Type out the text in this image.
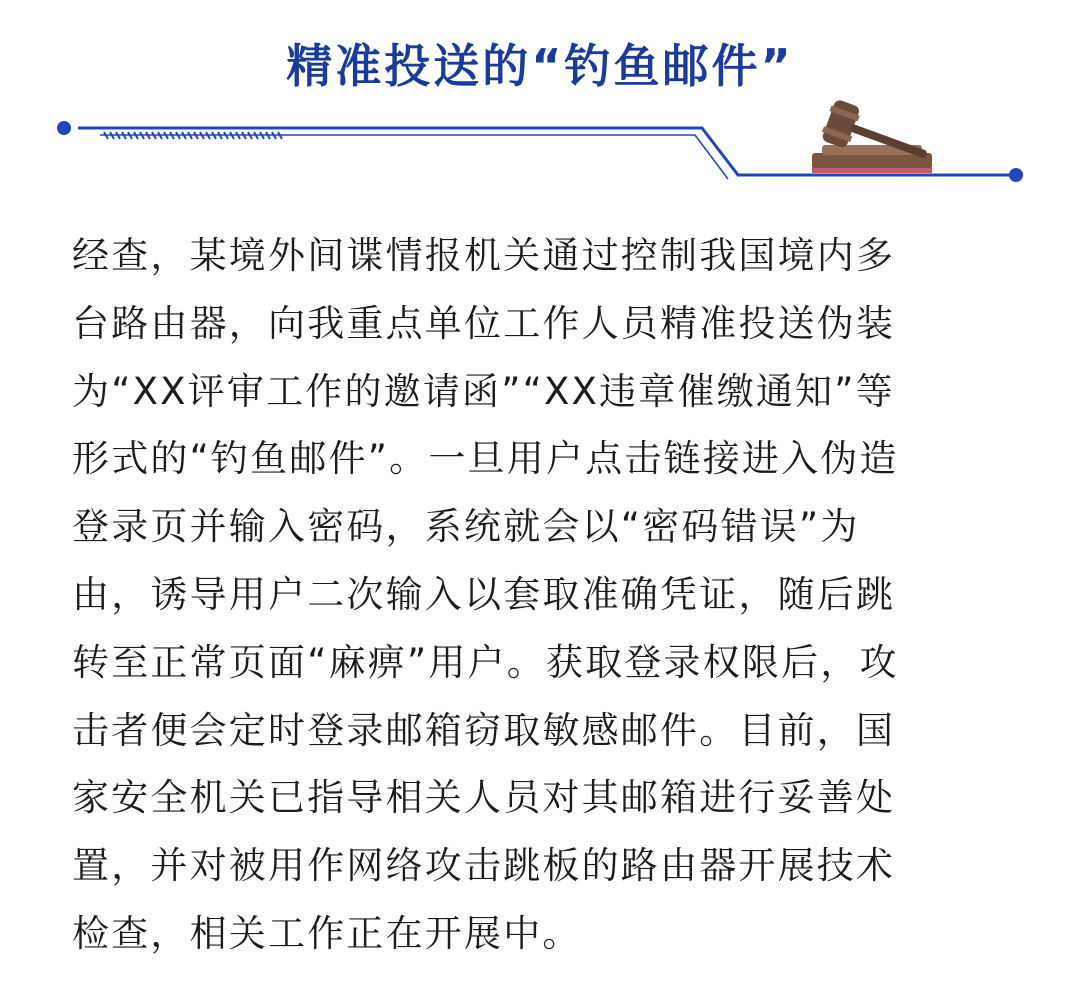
精准投送的“钓鱼邮件”
经查，某境外间谍情报机关通过控制我国境内多
台路由器，向我重点单位工作人员精准投送伪装
为“XX评审工作的邀请函”“XX违章催缴通知”等
形式的“钓鱼邮件”。一旦用户点击链接进入伪造
登录页并输入密码，系统就会以“密码错误”为
由，诱导用户二次输入以套取准确凭证，随后跳
转至正常页面“麻痹”用户。获取登录权限后，攻
击者便会定时登录邮箱窃取敏感邮件。目前，国
家安全机关已指导相关人员对其邮箱进行妥善处
置，并对被用作网络攻击跳板的路由器开展技术
检查，相关工作正在开展中。
